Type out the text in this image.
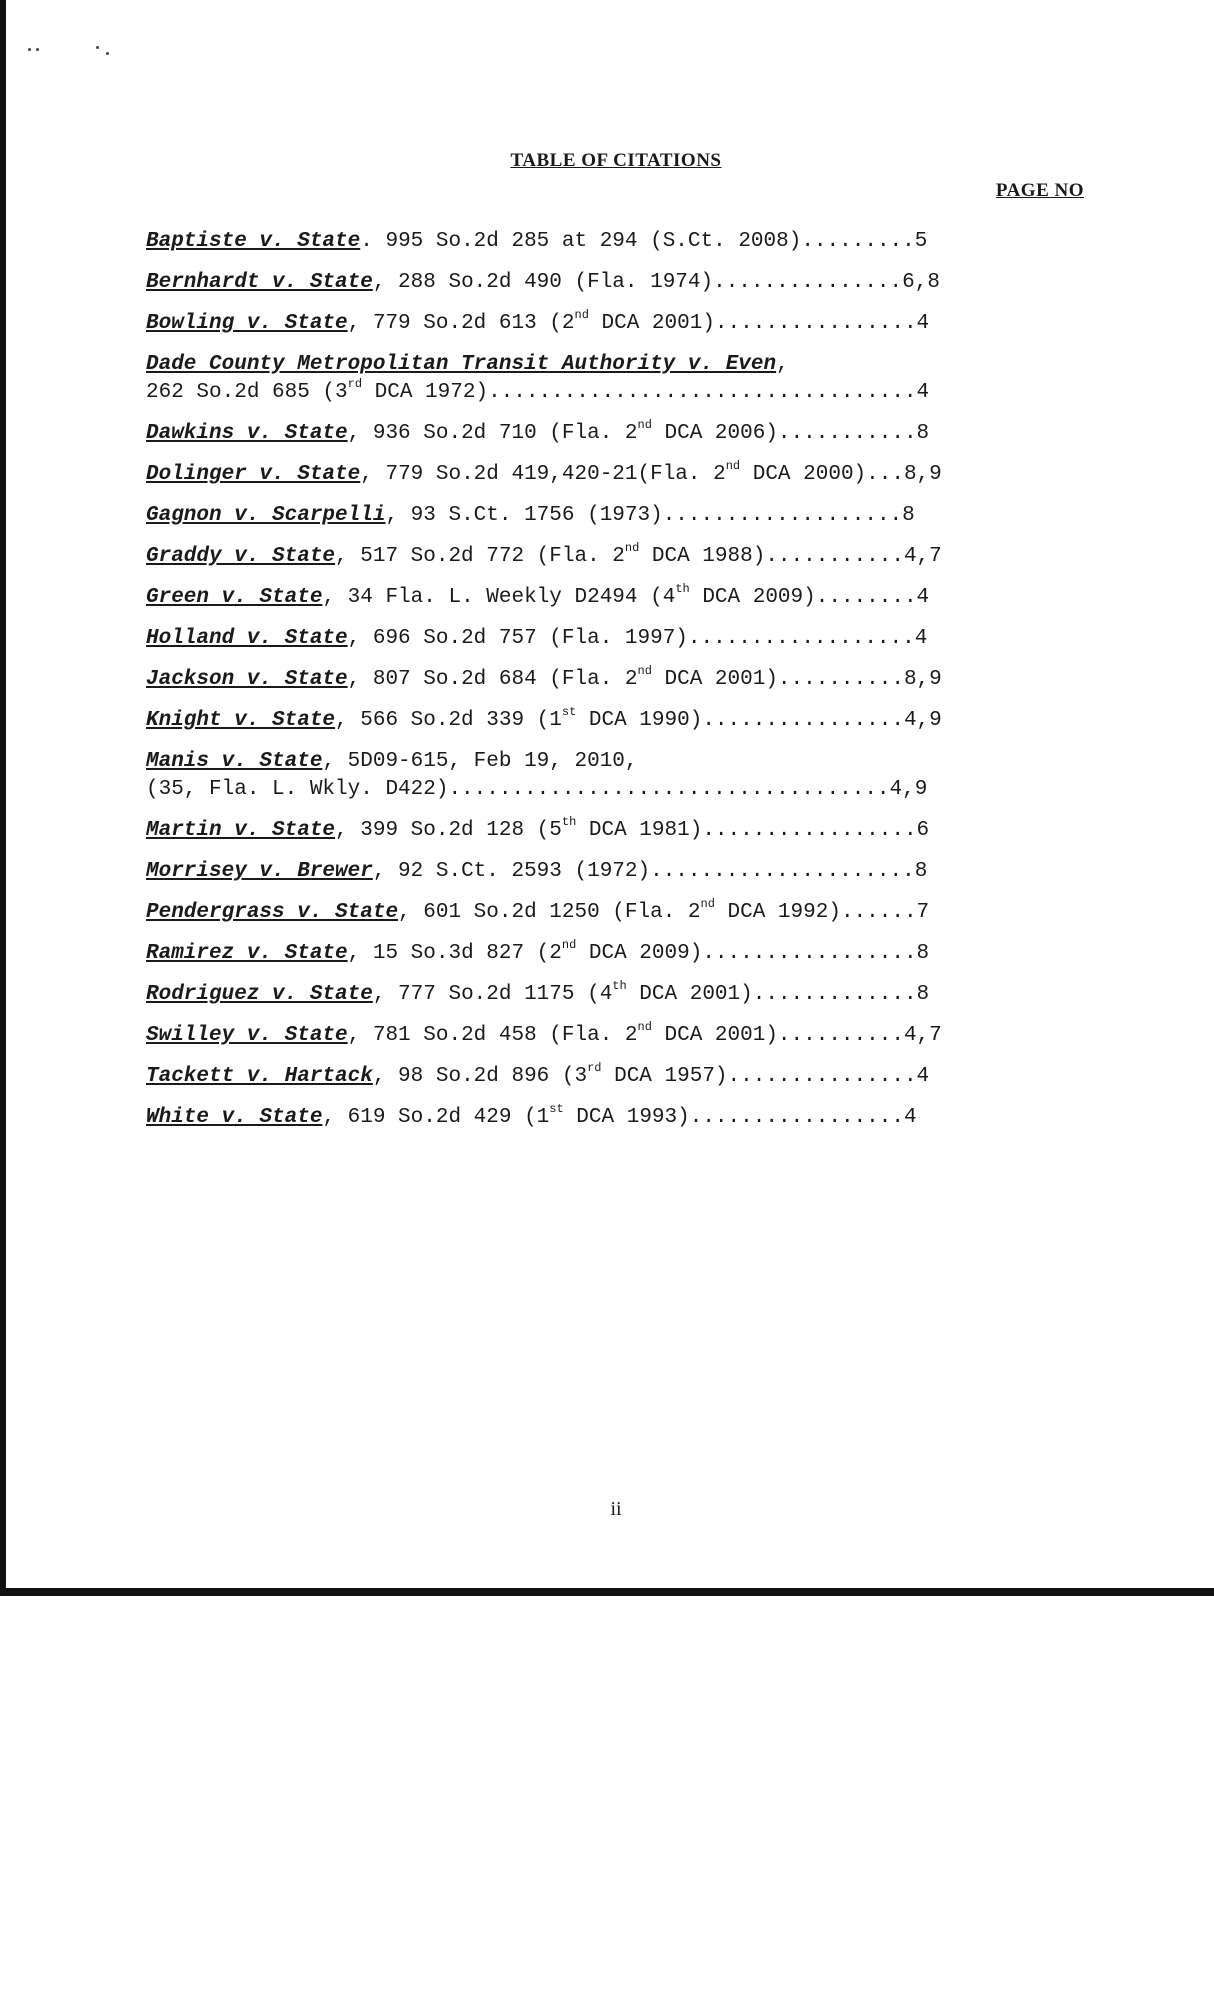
TABLE OF CITATIONS
PAGE NO
Baptiste v. State. 995 So.2d 285 at 294 (S.Ct. 2008).........5
Bernhardt v. State, 288 So.2d 490 (Fla. 1974)...............6,8
Bowling v. State, 779 So.2d 613 (2nd DCA 2001)................4
Dade County Metropolitan Transit Authority v. Even,
262 So.2d 685 (3rd DCA 1972)..................................4
Dawkins v. State, 936 So.2d 710 (Fla. 2nd DCA 2006)...........8
Dolinger v. State, 779 So.2d 419,420-21(Fla. 2nd DCA 2000)...8,9
Gagnon v. Scarpelli, 93 S.Ct. 1756 (1973)...................8
Graddy v. State, 517 So.2d 772 (Fla. 2nd DCA 1988)...........4,7
Green v. State, 34 Fla. L. Weekly D2494 (4th DCA 2009)........4
Holland v. State, 696 So.2d 757 (Fla. 1997)..................4
Jackson v. State, 807 So.2d 684 (Fla. 2nd DCA 2001)..........8,9
Knight v. State, 566 So.2d 339 (1st DCA 1990)................4,9
Manis v. State, 5D09-615, Feb 19, 2010,
(35, Fla. L. Wkly. D422)...................................4,9
Martin v. State, 399 So.2d 128 (5th DCA 1981).................6
Morrisey v. Brewer, 92 S.Ct. 2593 (1972).....................8
Pendergrass v. State, 601 So.2d 1250 (Fla. 2nd DCA 1992)......7
Ramirez v. State, 15 So.3d 827 (2nd DCA 2009).................8
Rodriguez v. State, 777 So.2d 1175 (4th DCA 2001).............8
Swilley v. State, 781 So.2d 458 (Fla. 2nd DCA 2001)..........4,7
Tackett v. Hartack, 98 So.2d 896 (3rd DCA 1957)...............4
White v. State, 619 So.2d 429 (1st DCA 1993).................4
ii
